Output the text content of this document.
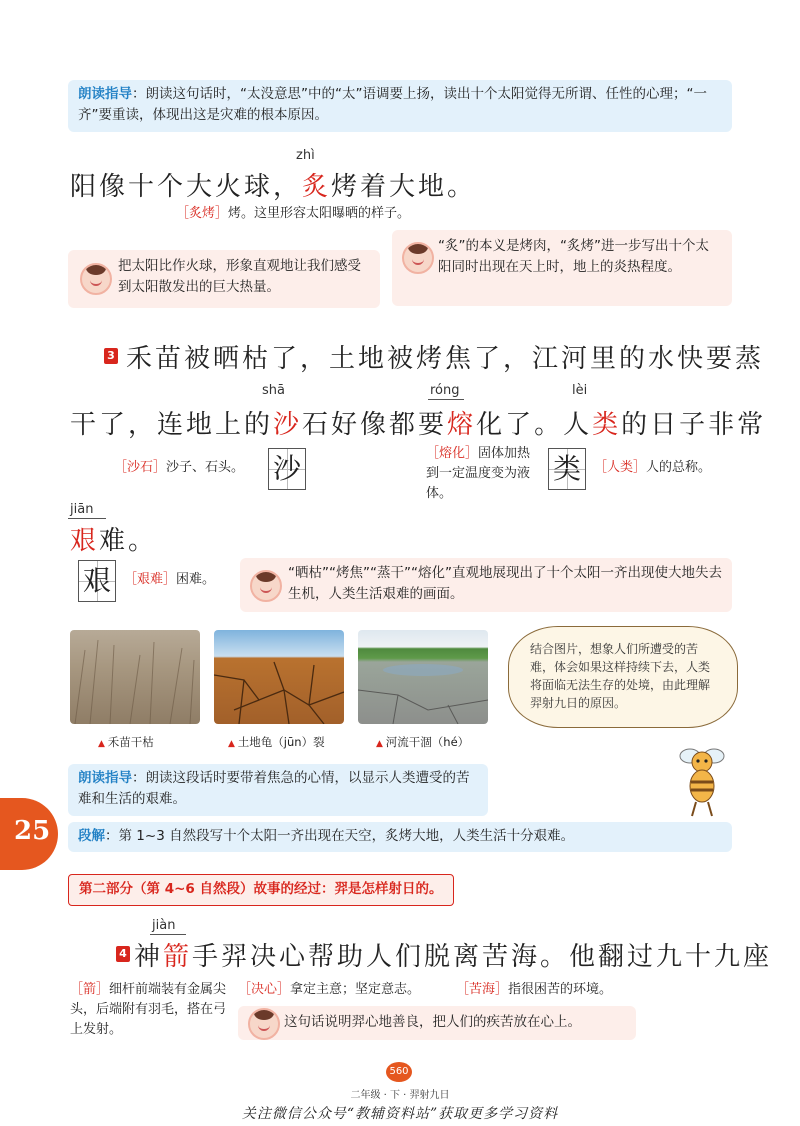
朗读指导：朗读这句话时，“太没意思”中的“太”语调要上扬，读出十个太阳觉得无所谓、任性的心理；“一齐”要重读，体现出这是灾难的根本原因。
zhì
阳像十个大火球，炙烤着大地。
［炙烤］烤。这里形容太阳曝晒的样子。
把太阳比作火球，形象直观地让我们感受到太阳散发出的巨大热量。
“炙”的本义是烤肉，“炙烤”进一步写出十个太阳同时出现在天上时，地上的炎热程度。
3 禾苗被晒枯了，土地被烤焦了，江河里的水快要蒸
shā	róng	lèi
干了，连地上的沙石好像都要熔化了。人类的日子非常
［沙石］沙子、石头。 沙	［熔化］固体加热到一定温度变为液体。
类	［人类］人的总称。
jiān
艰难。
艰	［艰难］困难。	“晒枯”“烤焦”“蒸干”“熔化”直观地展现出了十个太阳一齐出现使大地失去生机，人类生活艰难的画面。
▲ 禾苗干枯	▲ 土地龟（jūn）裂	▲ 河流干涸（hé）
结合图片，想象人们所遭受的苦难，体会如果这样持续下去，人类将面临无法生存的处境，由此理解羿射九日的原因。
朗读指导：朗读这段话时要带着焦急的心情，以显示人类遭受的苦难和生活的艰难。
25	段解：第 1~3 自然段写十个太阳一齐出现在天空，炙烤大地，人类生活十分艰难。
第二部分（第 4~6 自然段）故事的经过：羿是怎样射日的。
jiàn
4 神箭手羿决心帮助人们脱离苦海。他翻过九十九座
［箭］细杆前端装有金属尖头，后端附有羽毛，搭在弓上发射。
［决心］拿定主意；坚定意志。	［苦海］指很困苦的环境。
这句话说明羿心地善良，把人们的疾苦放在心上。
560
二年级 · 下 · 羿射九日
关注微信公众号“教辅资料站”获取更多学习资料
